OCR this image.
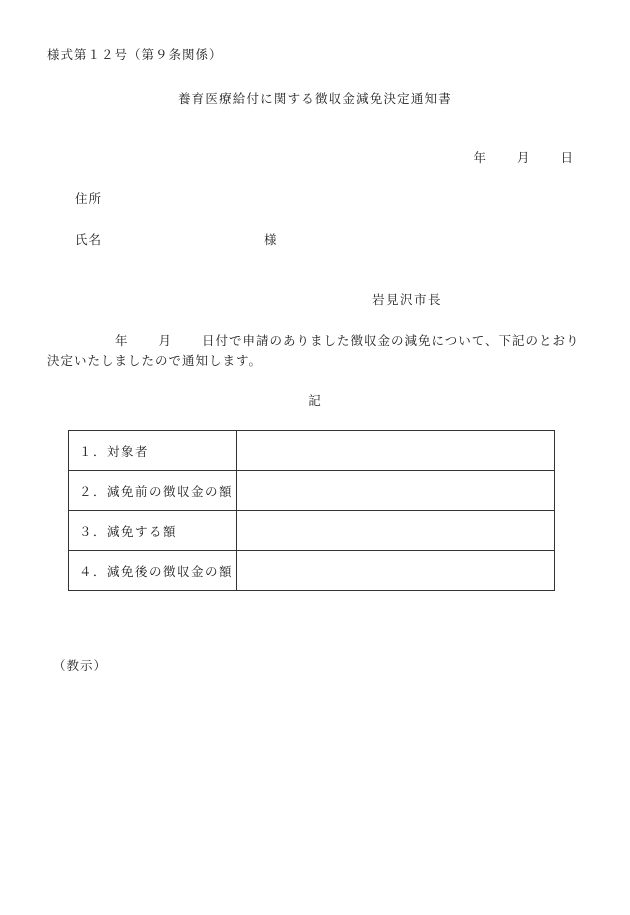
様式第１２号（第９条関係）
養育医療給付に関する徴収金減免決定通知書
年 月 日
住所
氏名	様
岩見沢市長
年 月 日付で申請のありました徴収金の減免について、下記のとおり
決定いたしましたので通知します。
記
１．対象者	
２．減免前の徴収金の額	
３．減免する額	
４．減免後の徴収金の額	
（教示）
